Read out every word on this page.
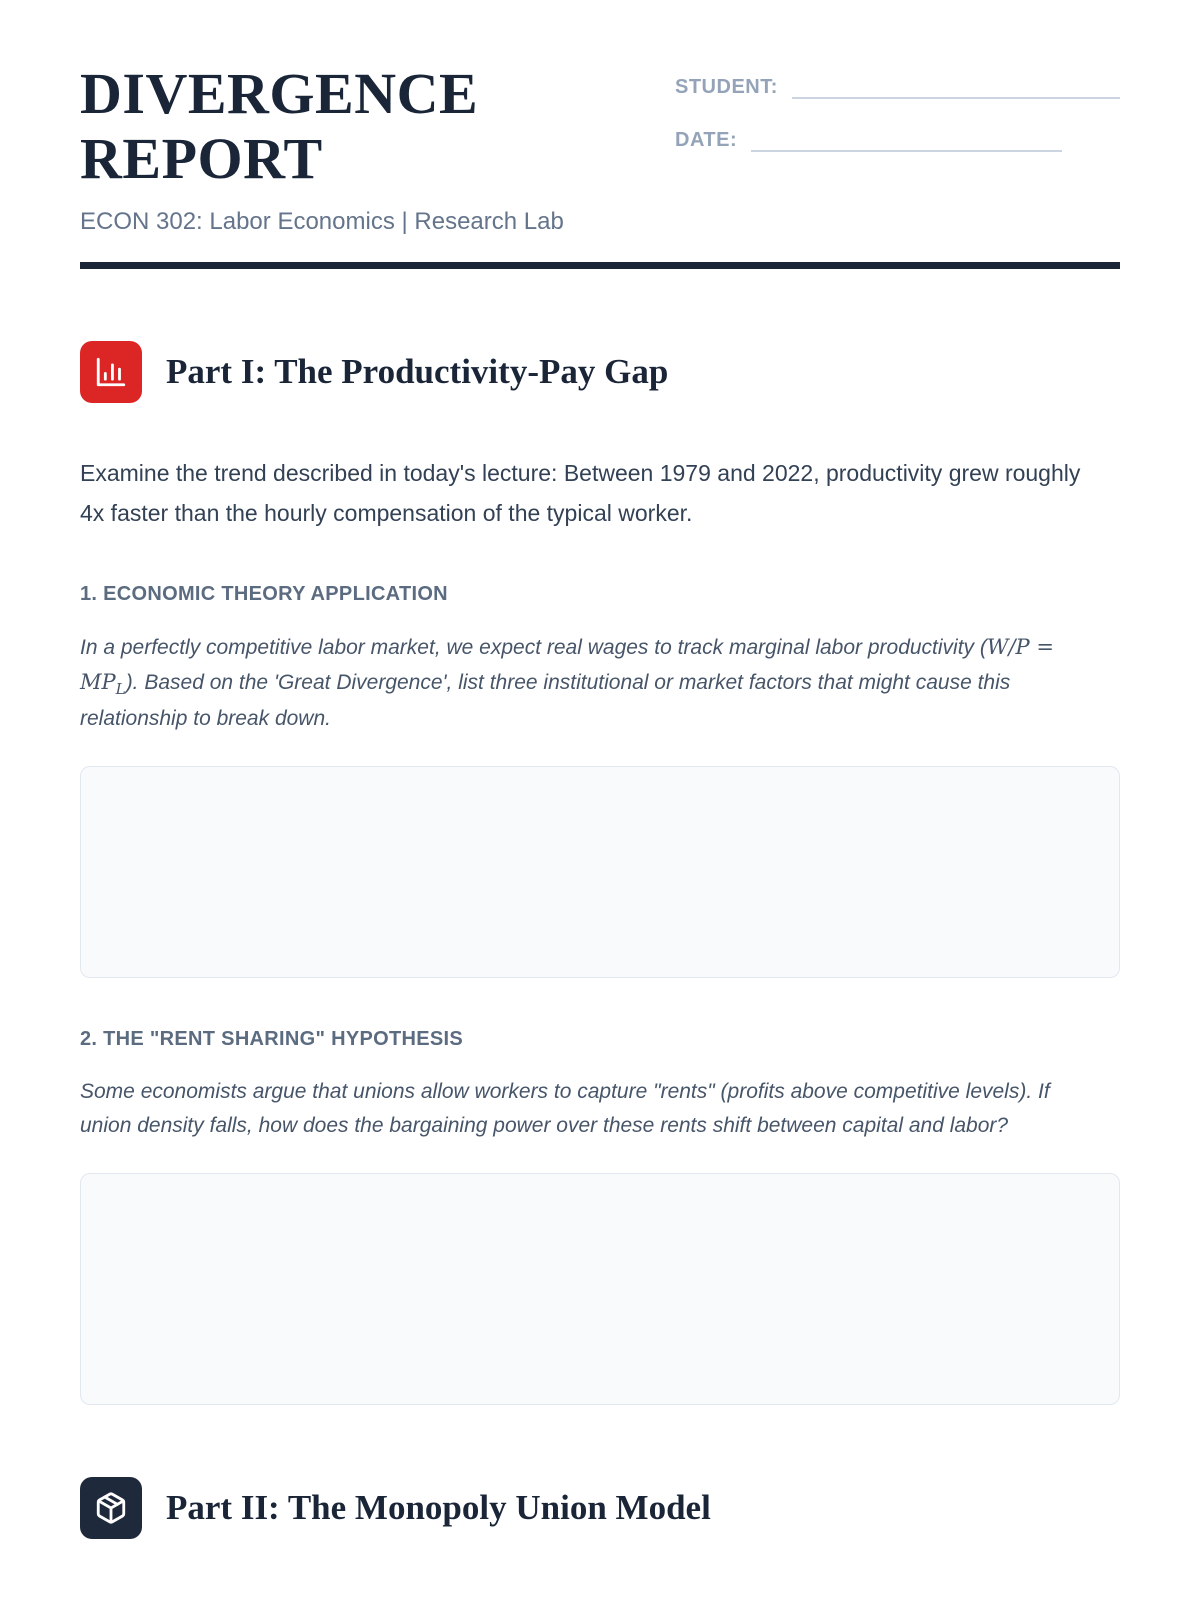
DIVERGENCE REPORT
STUDENT:
DATE:
ECON 302: Labor Economics | Research Lab
Part I: The Productivity-Pay Gap

Examine the trend described in today's lecture: Between 1979 and 2022, productivity grew roughly 4x faster than the hourly compensation of the typical worker.

1. ECONOMIC THEORY APPLICATION

In a perfectly competitive labor market, we expect real wages to track marginal labor productivity $(W/P = MP_L)$. Based on the 'Great Divergence', list three institutional or market factors that might cause this relationship to break down.

2. THE "RENT SHARING" HYPOTHESIS

Some economists argue that unions allow workers to capture "rents" (profits above competitive levels). If union density falls, how does the bargaining power over these rents shift between capital and labor?

Part II: The Monopoly Union Model
